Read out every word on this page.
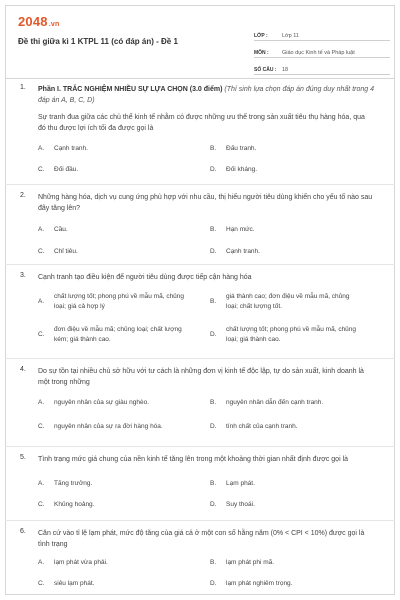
2048.vn
Đề thi giữa kì 1 KTPL 11 (có đáp án) - Đề 1
LỚP :	Lớp 11
MÔN :	Giáo dục Kinh tế và Pháp luật
SỐ CÂU :	18
1. Phần I. TRẮC NGHIỆM NHIỀU SỰ LỰA CHỌN (3.0 điểm) (Thí sinh lựa chọn đáp án đúng duy nhất trong 4 đáp án A, B, C, D)
Sự tranh đua giữa các chủ thể kinh tế nhằm có được những ưu thế trong sản xuất tiêu thụ hàng hóa, qua đó thu được lợi ích tối đa được gọi là
A. Cạnh tranh.	B. Đấu tranh.
C. Đối đầu.	D. Đối kháng.
2. Những hàng hóa, dịch vụ cung ứng phù hợp với nhu cầu, thị hiếu người tiêu dùng khiến cho yếu tố nào sau đây tăng lên?
A. Cầu.	B. Hạn mức.
C. Chỉ tiêu.	D. Cạnh tranh.
3. Cạnh tranh tạo điều kiện để người tiêu dùng được tiếp cận hàng hóa
A.
chất lượng tốt; phong phú về mẫu mã, chủng loại; giá cả hợp lý
B.
giá thành cao; đơn điệu về mẫu mã, chủng loại; chất lượng tốt.
C.
đơn điệu về mẫu mã; chủng loại; chất lượng kém; giá thành cao.
D.
chất lượng tốt; phong phú về mẫu mã, chủng loại; giá thành cao.
4. Do sự tồn tại nhiều chủ sở hữu với tư cách là những đơn vị kinh tế độc lập, tự do sản xuất, kinh doanh là một trong những
A. nguyên nhân của sự giàu nghèo.	B. nguyên nhân dẫn đến cạnh tranh.
C. nguyên nhân của sự ra đời hàng hóa.	D. tính chất của cạnh tranh.
5. Tình trạng mức giá chung của nền kinh tế tăng lên trong một khoảng thời gian nhất định được gọi là
A. Tăng trưởng.	B. Lạm phát.
C. Khủng hoảng.	D. Suy thoái.
6. Căn cứ vào tỉ lệ lạm phát, mức độ tăng của giá cả ở một con số hằng năm (0% < CPI < 10%) được gọi là tình trạng
A. lạm phát vừa phải.	B. lạm phát phi mã.
C. siêu lạm phát.	D. lạm phát nghiêm trọng.
